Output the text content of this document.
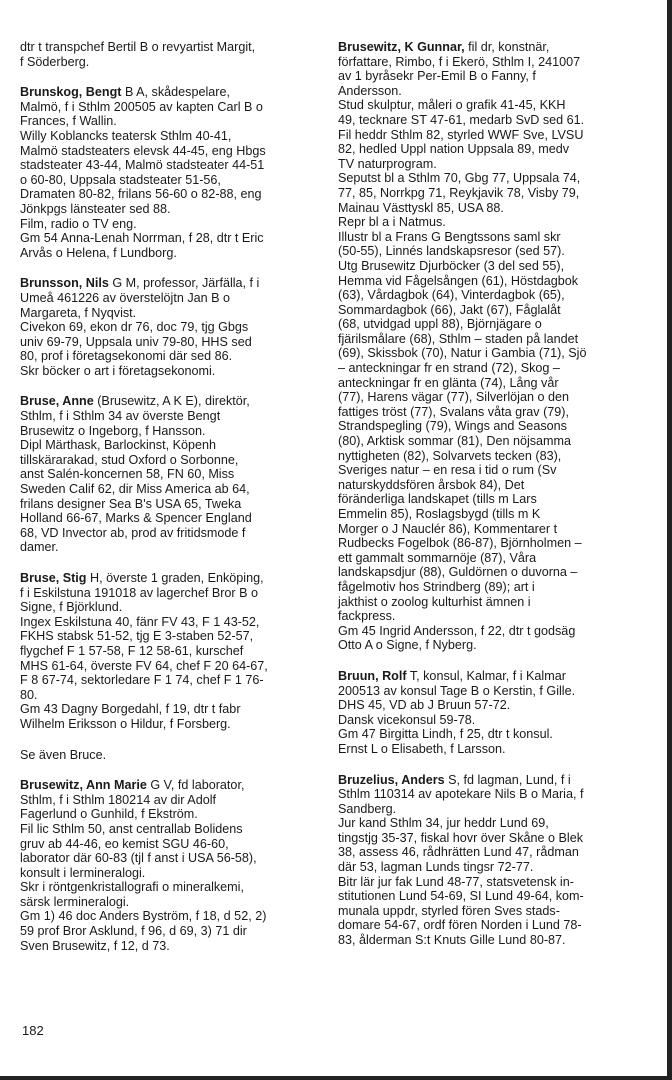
dtr t transpchef Bertil B o revyartist Margit,
f Söderberg.
Brunskog, Bengt B A, skådespelare,
Malmö, f i Sthlm 200505 av kapten Carl B o
Frances, f Wallin.
Willy Koblancks teatersk Sthlm 40-41,
Malmö stadsteaters elevsk 44-45, eng Hbgs
stadsteater 43-44, Malmö stadsteater 44-51
o 60-80, Uppsala stadsteater 51-56,
Dramaten 80-82, frilans 56-60 o 82-88, eng
Jönkpgs länsteater sed 88.
Film, radio o TV eng.
Gm 54 Anna-Lenah Norrman, f 28, dtr t Eric
Arvås o Helena, f Lundborg.
Brunsson, Nils G M, professor, Järfälla, f i
Umeå 461226 av överstelöjtn Jan B o
Margareta, f Nyqvist.
Civekon 69, ekon dr 76, doc 79, tjg Gbgs
univ 69-79, Uppsala univ 79-80, HHS sed
80, prof i företagsekonomi där sed 86.
Skr böcker o art i företagsekonomi.
Bruse, Anne (Brusewitz, A K E), direktör,
Sthlm, f i Sthlm 34 av överste Bengt
Brusewitz o Ingeborg, f Hansson.
Dipl Märthask, Barlockinst, Köpenh
tillskärarakad, stud Oxford o Sorbonne,
anst Salén-koncernen 58, FN 60, Miss
Sweden Calif 62, dir Miss America ab 64,
frilans designer Sea B's USA 65, Tweka
Holland 66-67, Marks & Spencer England
68, VD Invector ab, prod av fritidsmode f
damer.
Bruse, Stig H, överste 1 graden, Enköping,
f i Eskilstuna 191018 av lagerchef Bror B o
Signe, f Björklund.
Ingex Eskilstuna 40, fänr FV 43, F 1 43-52,
FKHS stabsk 51-52, tjg E 3-staben 52-57,
flygchef F 1 57-58, F 12 58-61, kurschef
MHS 61-64, överste FV 64, chef F 20 64-67,
F 8 67-74, sektorledare F 1 74, chef F 1 76-
80.
Gm 43 Dagny Borgedahl, f 19, dtr t fabr
Wilhelm Eriksson o Hildur, f Forsberg.
Se även Bruce.
Brusewitz, Ann Marie G V, fd laborator,
Sthlm, f i Sthlm 180214 av dir Adolf
Fagerlund o Gunhild, f Ekström.
Fil lic Sthlm 50, anst centrallab Bolidens
gruv ab 44-46, eo kemist SGU 46-60,
laborator där 60-83 (tjl f anst i USA 56-58),
konsult i lermineralogi.
Skr i röntgenkristallografi o mineralkemi,
särsk lermineralogi.
Gm 1) 46 doc Anders Byström, f 18, d 52, 2)
59 prof Bror Asklund, f 96, d 69, 3) 71 dir
Sven Brusewitz, f 12, d 73.
Brusewitz, K Gunnar, fil dr, konstnär,
författare, Rimbo, f i Ekerö, Sthlm I, 241007
av 1 byråsekr Per-Emil B o Fanny, f
Andersson.
Stud skulptur, måleri o grafik 41-45, KKH
49, tecknare ST 47-61, medarb SvD sed 61.
Fil heddr Sthlm 82, styrled WWF Sve, LVSU
82, hedled Uppl nation Uppsala 89, medv
TV naturprogram.
Seputst bl a Sthlm 70, Gbg 77, Uppsala 74,
77, 85, Norrkpg 71, Reykjavik 78, Visby 79,
Mainau Västtyskl 85, USA 88.
Repr bl a i Natmus.
Illustr bl a Frans G Bengtssons saml skr
(50-55), Linnés landskapsresor (sed 57).
Utg Brusewitz Djurböcker (3 del sed 55),
Hemma vid Fågelsången (61), Höstdagbok
(63), Vårdagbok (64), Vinterdagbok (65),
Sommardagbok (66), Jakt (67), Fåglalåt
(68, utvidgad uppl 88), Björnjägare o
fjärilsmålare (68), Sthlm – staden på landet
(69), Skissbok (70), Natur i Gambia (71), Sjö
– anteckningar fr en strand (72), Skog –
anteckningar fr en glänta (74), Lång vår
(77), Harens vägar (77), Silverlöjan o den
fattiges tröst (77), Svalans våta grav (79),
Strandspegling (79), Wings and Seasons
(80), Arktisk sommar (81), Den nöjsamma
nyttigheten (82), Solvarvets tecken (83),
Sveriges natur – en resa i tid o rum (Sv
naturskyddsfören årsbok 84), Det
föränderliga landskapet (tills m Lars
Emmelin 85), Roslagsbygd (tills m K
Morger o J Nauclér 86), Kommentarer t
Rudbecks Fogelbok (86-87), Björnholmen –
ett gammalt sommarnöje (87), Våra
landskapsdjur (88), Guldörnen o duvorna –
fågelmotiv hos Strindberg (89); art i
jakthist o zoolog kulturhist ämnen i
fackpress.
Gm 45 Ingrid Andersson, f 22, dtr t godsäg
Otto A o Signe, f Nyberg.
Bruun, Rolf T, konsul, Kalmar, f i Kalmar
200513 av konsul Tage B o Kerstin, f Gille.
DHS 45, VD ab J Bruun 57-72.
Dansk vicekonsul 59-78.
Gm 47 Birgitta Lindh, f 25, dtr t konsul.
Ernst L o Elisabeth, f Larsson.
Bruzelius, Anders S, fd lagman, Lund, f i
Sthlm 110314 av apotekare Nils B o Maria, f
Sandberg.
Jur kand Sthlm 34, jur heddr Lund 69,
tingstjg 35-37, fiskal hovr över Skåne o Blek
38, assess 46, rådhrätten Lund 47, rådman
där 53, lagman Lunds tingsr 72-77.
Bitr lär jur fak Lund 48-77, statsvetensk in-
stitutionen Lund 54-69, SI Lund 49-64, kom-
munala uppdr, styrled fören Sves stads-
domare 54-67, ordf fören Norden i Lund 78-
83, ålderman S:t Knuts Gille Lund 80-87.
182
